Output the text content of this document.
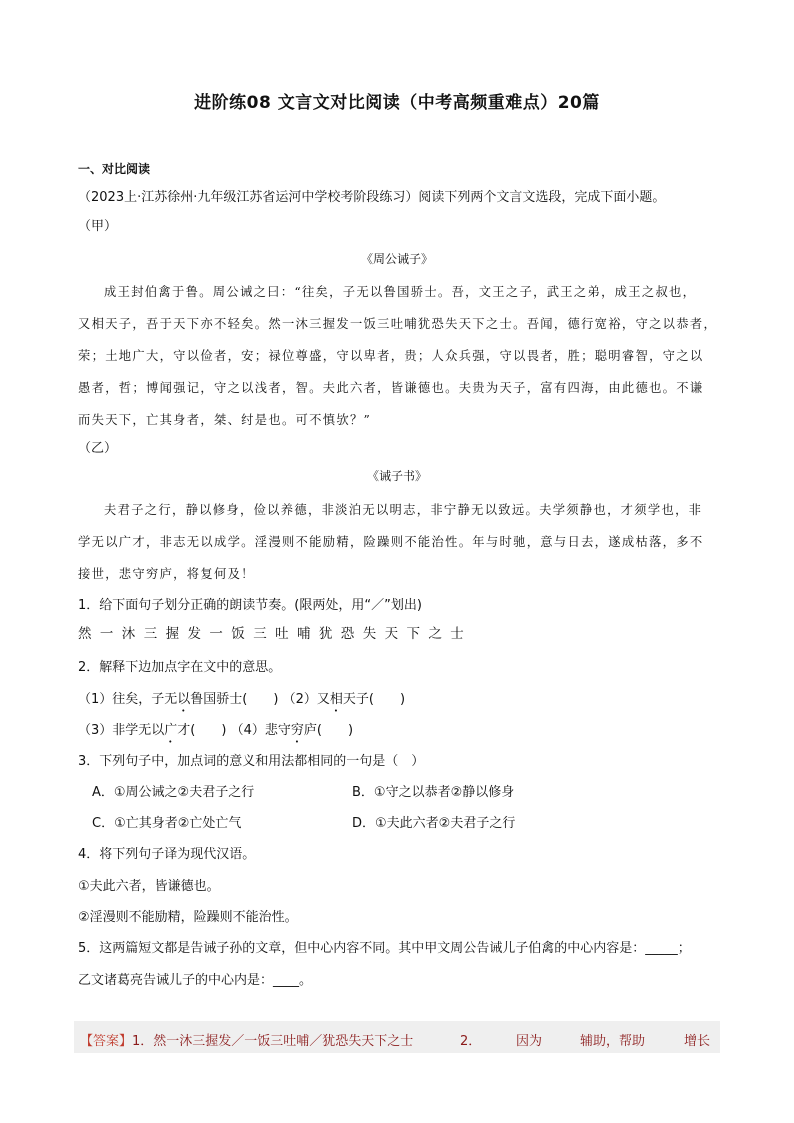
进阶练08 文言文对比阅读（中考高频重难点）20篇
一、对比阅读
（2023上·江苏徐州·九年级江苏省运河中学校考阶段练习）阅读下列两个文言文选段，完成下面小题。
（甲）
《周公诫子》
成王封伯禽于鲁。周公诫之曰：“往矣，子无以鲁国骄士。吾，文王之子，武王之弟，成王之叔也，
又相天子，吾于天下亦不轻矣。然一沐三握发一饭三吐哺犹恐失天下之士。吾闻，德行宽裕，守之以恭者，
荣；土地广大，守以俭者，安；禄位尊盛，守以卑者，贵；人众兵强，守以畏者，胜；聪明睿智，守之以
愚者，哲；博闻强记，守之以浅者，智。夫此六者，皆谦德也。夫贵为天子，富有四海，由此德也。不谦
而失天下，亡其身者，桀、纣是也。可不慎欤？”
（乙）
《诫子书》
夫君子之行，静以修身，俭以养德，非淡泊无以明志，非宁静无以致远。夫学须静也，才须学也，非
学无以广才，非志无以成学。淫漫则不能励精，险躁则不能治性。年与时驰，意与日去，遂成枯落，多不
接世，悲守穷庐，将复何及！
1．给下面句子划分正确的朗读节奏。(限两处，用“／”划出)
然一沐三握发一饭三吐哺犹恐失天下之士
2．解释下边加点字在文中的意思。
（1）往矣，子无以鲁国骄士(　　) （2）又相天子(　　)
（3）非学无以广才(　　) （4）悲守穷庐(　　)
3．下列句子中，加点词的意义和用法都相同的一句是（　）
A．①周公诫之②夫君子之行	B．①守之以恭者②静以修身
C．①亡其身者②亡处亡气	D．①夫此六者②夫君子之行
4．将下列句子译为现代汉语。
①夫此六者，皆谦德也。
②淫漫则不能励精，险躁则不能治性。
5．这两篇短文都是告诫子孙的文章，但中心内容不同。其中甲文周公告诫儿子伯禽的中心内容是：_____；
乙文诸葛亮告诫儿子的中心内是：____。
【答案】 1．然一沐三握发／一饭三吐哺／犹恐失天下之士	2．	因为	辅助，帮助	增长
